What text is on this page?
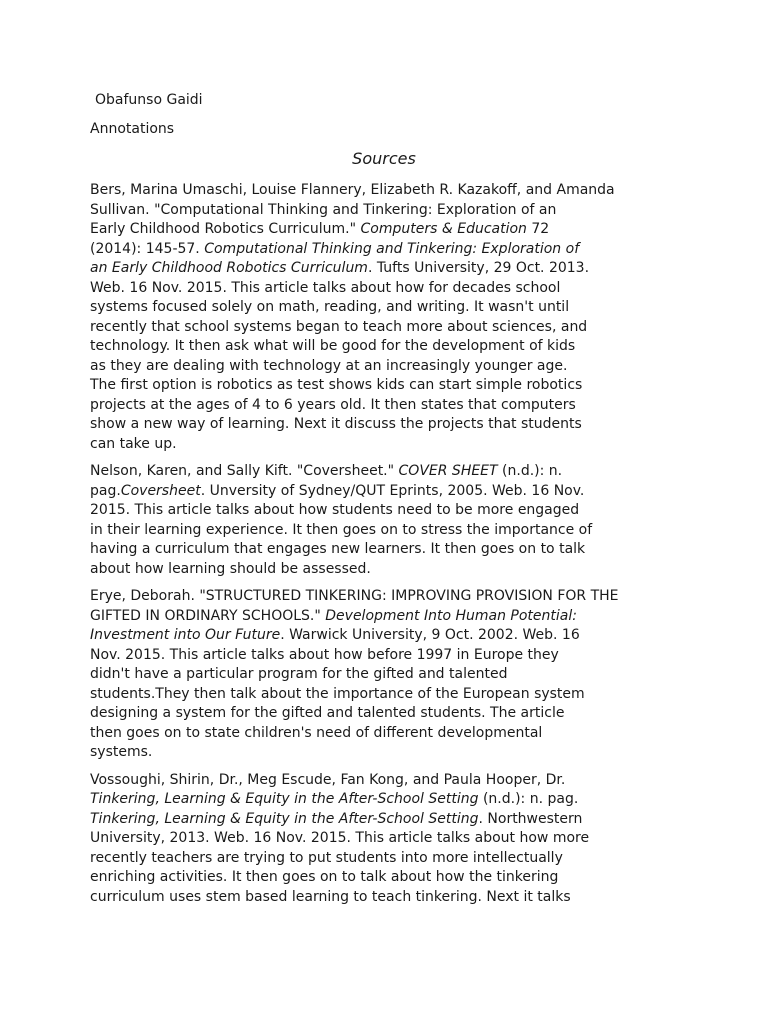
Obafunso Gaidi
Annotations
Sources
Bers, Marina Umaschi, Louise Flannery, Elizabeth R. Kazakoff, and Amanda
Sullivan. "Computational Thinking and Tinkering: Exploration of an
Early Childhood Robotics Curriculum." Computers & Education 72
(2014): 145-57. Computational Thinking and Tinkering: Exploration of
an Early Childhood Robotics Curriculum. Tufts University, 29 Oct. 2013.
Web. 16 Nov. 2015. This article talks about how for decades school
systems focused solely on math, reading, and writing. It wasn't until
recently that school systems began to teach more about sciences, and
technology. It then ask what will be good for the development of kids
as they are dealing with technology at an increasingly younger age.
The first option is robotics as test shows kids can start simple robotics
projects at the ages of 4 to 6 years old. It then states that computers
show a new way of learning. Next it discuss the projects that students
can take up.
Nelson, Karen, and Sally Kift. "Coversheet." COVER SHEET (n.d.): n.
pag.Coversheet. Unversity of Sydney/QUT Eprints, 2005. Web. 16 Nov.
2015. This article talks about how students need to be more engaged
in their learning experience. It then goes on to stress the importance of
having a curriculum that engages new learners. It then goes on to talk
about how learning should be assessed.
Erye, Deborah. "STRUCTURED TINKERING: IMPROVING PROVISION FOR THE
GIFTED IN ORDINARY SCHOOLS." Development Into Human Potential:
Investment into Our Future. Warwick University, 9 Oct. 2002. Web. 16
Nov. 2015. This article talks about how before 1997 in Europe they
didn't have a particular program for the gifted and talented
students.They then talk about the importance of the European system
designing a system for the gifted and talented students. The article
then goes on to state children's need of different developmental
systems.
Vossoughi, Shirin, Dr., Meg Escude, Fan Kong, and Paula Hooper, Dr.
Tinkering, Learning & Equity in the After-School Setting (n.d.): n. pag.
Tinkering, Learning & Equity in the After-School Setting. Northwestern
University, 2013. Web. 16 Nov. 2015. This article talks about how more
recently teachers are trying to put students into more intellectually
enriching activities. It then goes on to talk about how the tinkering
curriculum uses stem based learning to teach tinkering. Next it talks
